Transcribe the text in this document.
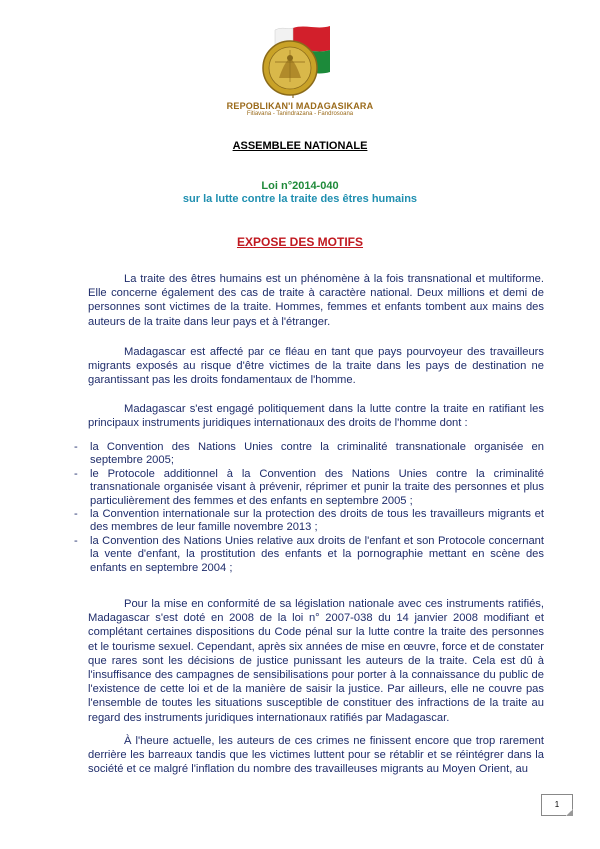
REPOBLIKAN'I MADAGASIKARA
Fitiavana - Tanindrazana - Fandrosoana
ASSEMBLEE NATIONALE
Loi n°2014-040
sur la lutte contre la traite des êtres humains
EXPOSE DES MOTIFS

La traite des êtres humains est un phénomène à la fois transnational et multiforme. Elle concerne également des cas de traite à caractère national. Deux millions et demi de personnes sont victimes de la traite. Hommes, femmes et enfants tombent aux mains des auteurs de la traite dans leur pays et à l'étranger.

Madagascar est affecté par ce fléau en tant que pays pourvoyeur des travailleurs migrants exposés au risque d'être victimes de la traite dans les pays de destination ne garantissant pas les droits fondamentaux de l'homme.

Madagascar s'est engagé politiquement dans la lutte contre la traite en ratifiant les principaux instruments juridiques internationaux des droits de l'homme dont :

- la Convention des Nations Unies contre la criminalité transnationale organisée en septembre 2005;
- le Protocole additionnel à la Convention des Nations Unies contre la criminalité transnationale organisée visant à prévenir, réprimer et punir la traite des personnes et plus particulièrement des femmes et des enfants en septembre 2005 ;
- la Convention internationale sur la protection des droits de tous les travailleurs migrants et des membres de leur famille novembre 2013 ;
- la Convention des Nations Unies relative aux droits de l'enfant et son Protocole concernant la vente d'enfant, la prostitution des enfants et la pornographie mettant en scène des enfants en septembre 2004 ;

Pour la mise en conformité de sa législation nationale avec ces instruments ratifiés, Madagascar s'est doté en 2008 de la loi n° 2007-038 du 14 janvier 2008 modifiant et complétant certaines dispositions du Code pénal sur la lutte contre la traite des personnes et le tourisme sexuel. Cependant, après six années de mise en œuvre, force et de constater que rares sont les décisions de justice punissant les auteurs de la traite. Cela est dû à l'insuffisance des campagnes de sensibilisations pour porter à la connaissance du public de l'existence de cette loi et de la manière de saisir la justice. Par ailleurs, elle ne couvre pas l'ensemble de toutes les situations susceptible de constituer des infractions de la traite au regard des instruments juridiques internationaux ratifiés par Madagascar.

À l'heure actuelle, les auteurs de ces crimes ne finissent encore que trop rarement derrière les barreaux tandis que les victimes luttent pour se rétablir et se réintégrer dans la société et ce malgré l'inflation du nombre des travailleuses migrants au Moyen Orient, au

1
